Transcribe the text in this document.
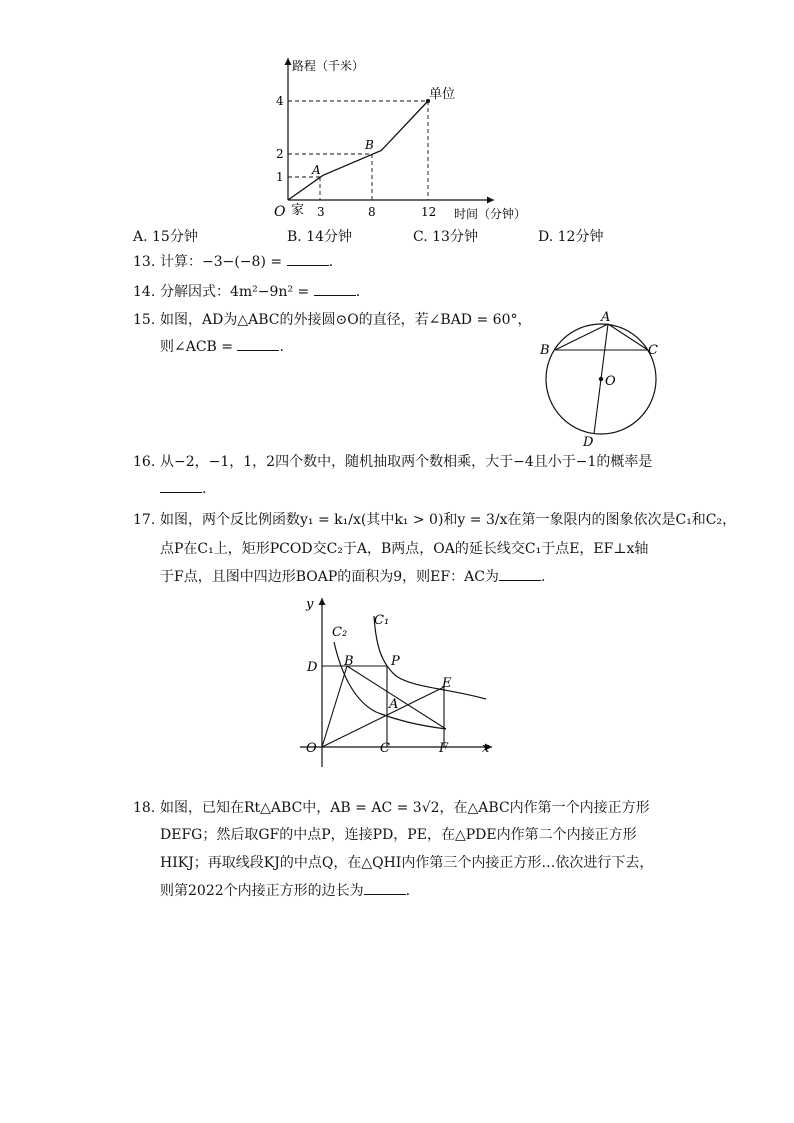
路程（千米）
时间（分钟）
O 家
单位
A
B
3	8	12
1
2
4
A. 15分钟	B. 14分钟	C. 13分钟	D. 12分钟
13. 计算：−3−(−8) =	.
14. 分解因式：4m²−9n² =	.
15. 如图，AD为△ABC的外接圆⊙O的直径，若∠BAD = 60°，
则∠ACB =	.
A
B	C
O
D
16. 从−2，−1，1，2四个数中，随机抽取两个数相乘，大于−4且小于−1的概率是
.
17. 如图，两个反比例函数y₁ = k₁/x(其中k₁ > 0)和y = 3/x在第一象限内的图象依次是C₁和C₂，
点P在C₁上，矩形PCOD交C₂于A，B两点，OA的延长线交C₁于点E，EF⊥x轴
于F点，且图中四边形BOAP的面积为9，则EF：AC为	.
y
x
C₁
C₂
D B	P
A
E
O	C	F
18. 如图，已知在Rt△ABC中，AB = AC = 3√2，在△ABC内作第一个内接正方形
DEFG；然后取GF的中点P，连接PD，PE，在△PDE内作第二个内接正方形
HIKJ；再取线段KJ的中点Q，在△QHI内作第三个内接正方形…依次进行下去，
则第2022个内接正方形的边长为	.
